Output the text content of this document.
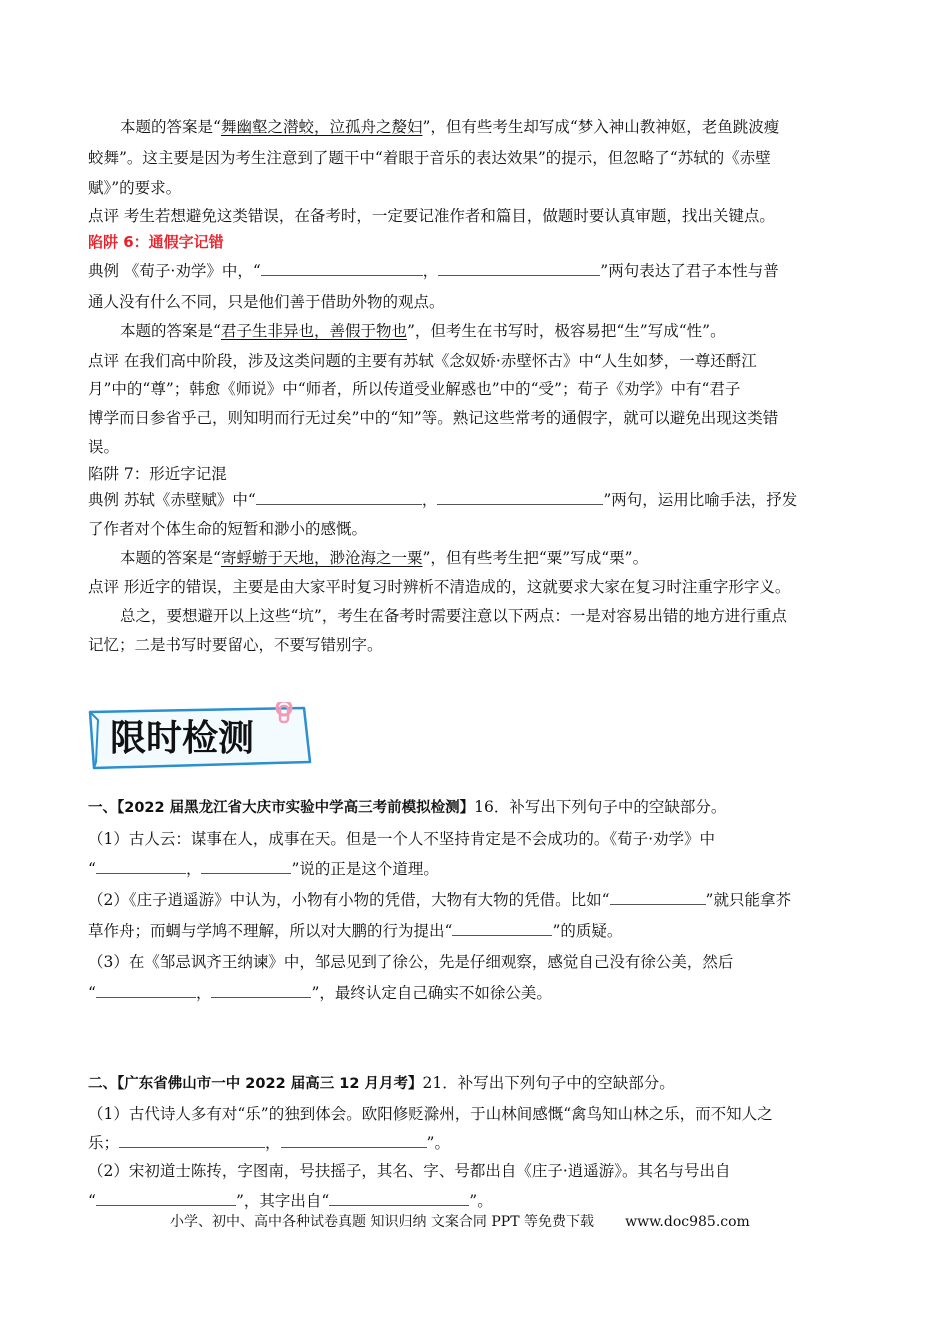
本题的答案是“舞幽壑之潜蛟，泣孤舟之嫠妇”，但有些考生却写成“梦入神山教神妪，老鱼跳波瘦
蛟舞”。这主要是因为考生注意到了题干中“着眼于音乐的表达效果”的提示，但忽略了“苏轼的《赤壁
赋》”的要求。
点评 考生若想避免这类错误，在备考时，一定要记准作者和篇目，做题时要认真审题，找出关键点。
陷阱 6：通假字记错
典例 《荀子·劝学》中，“	，	”两句表达了君子本性与普
通人没有什么不同，只是他们善于借助外物的观点。
本题的答案是“君子生非异也，善假于物也”，但考生在书写时，极容易把“生”写成“性”。
点评 在我们高中阶段，涉及这类问题的主要有苏轼《念奴娇·赤壁怀古》中“人生如梦，一尊还酹江
月”中的“尊”；韩愈《师说》中“师者，所以传道受业解惑也”中的“受”；荀子《劝学》中有“君子
博学而日参省乎己，则知明而行无过矣”中的“知”等。熟记这些常考的通假字，就可以避免出现这类错
误。
陷阱 7：形近字记混
典例 苏轼《赤壁赋》中“	，	”两句，运用比喻手法，抒发
了作者对个体生命的短暂和渺小的感慨。
本题的答案是“寄蜉蝣于天地，渺沧海之一粟”，但有些考生把“粟”写成“栗”。
点评 形近字的错误，主要是由大家平时复习时辨析不清造成的，这就要求大家在复习时注重字形字义。
总之，要想避开以上这些“坑”，考生在备考时需要注意以下两点：一是对容易出错的地方进行重点
记忆；二是书写时要留心，不要写错别字。
限时检测
一、【2022 届黑龙江省大庆市实验中学高三考前模拟检测】16．补写出下列句子中的空缺部分。
（1）古人云：谋事在人，成事在天。但是一个人不坚持肯定是不会成功的。《荀子·劝学》中
“	，	”说的正是这个道理。
（2）《庄子逍遥游》中认为，小物有小物的凭借，大物有大物的凭借。比如“	”就只能拿芥
草作舟；而蜩与学鸠不理解，所以对大鹏的行为提出“	”的质疑。
（3）在《邹忌讽齐王纳谏》中，邹忌见到了徐公，先是仔细观察，感觉自己没有徐公美，然后
“	，	”，最终认定自己确实不如徐公美。
二、【广东省佛山市一中 2022 届高三 12 月月考】21．补写出下列句子中的空缺部分。
（1）古代诗人多有对“乐”的独到体会。欧阳修贬滁州，于山林间感慨“禽鸟知山林之乐，而不知人之
乐；	，	”。
（2）宋初道士陈抟，字图南，号扶摇子，其名、字、号都出自《庄子·逍遥游》。其名与号出自
“	”，其字出自“	”。
小学、初中、高中各种试卷真题 知识归纳 文案合同 PPT 等免费下载 www.doc985.com
